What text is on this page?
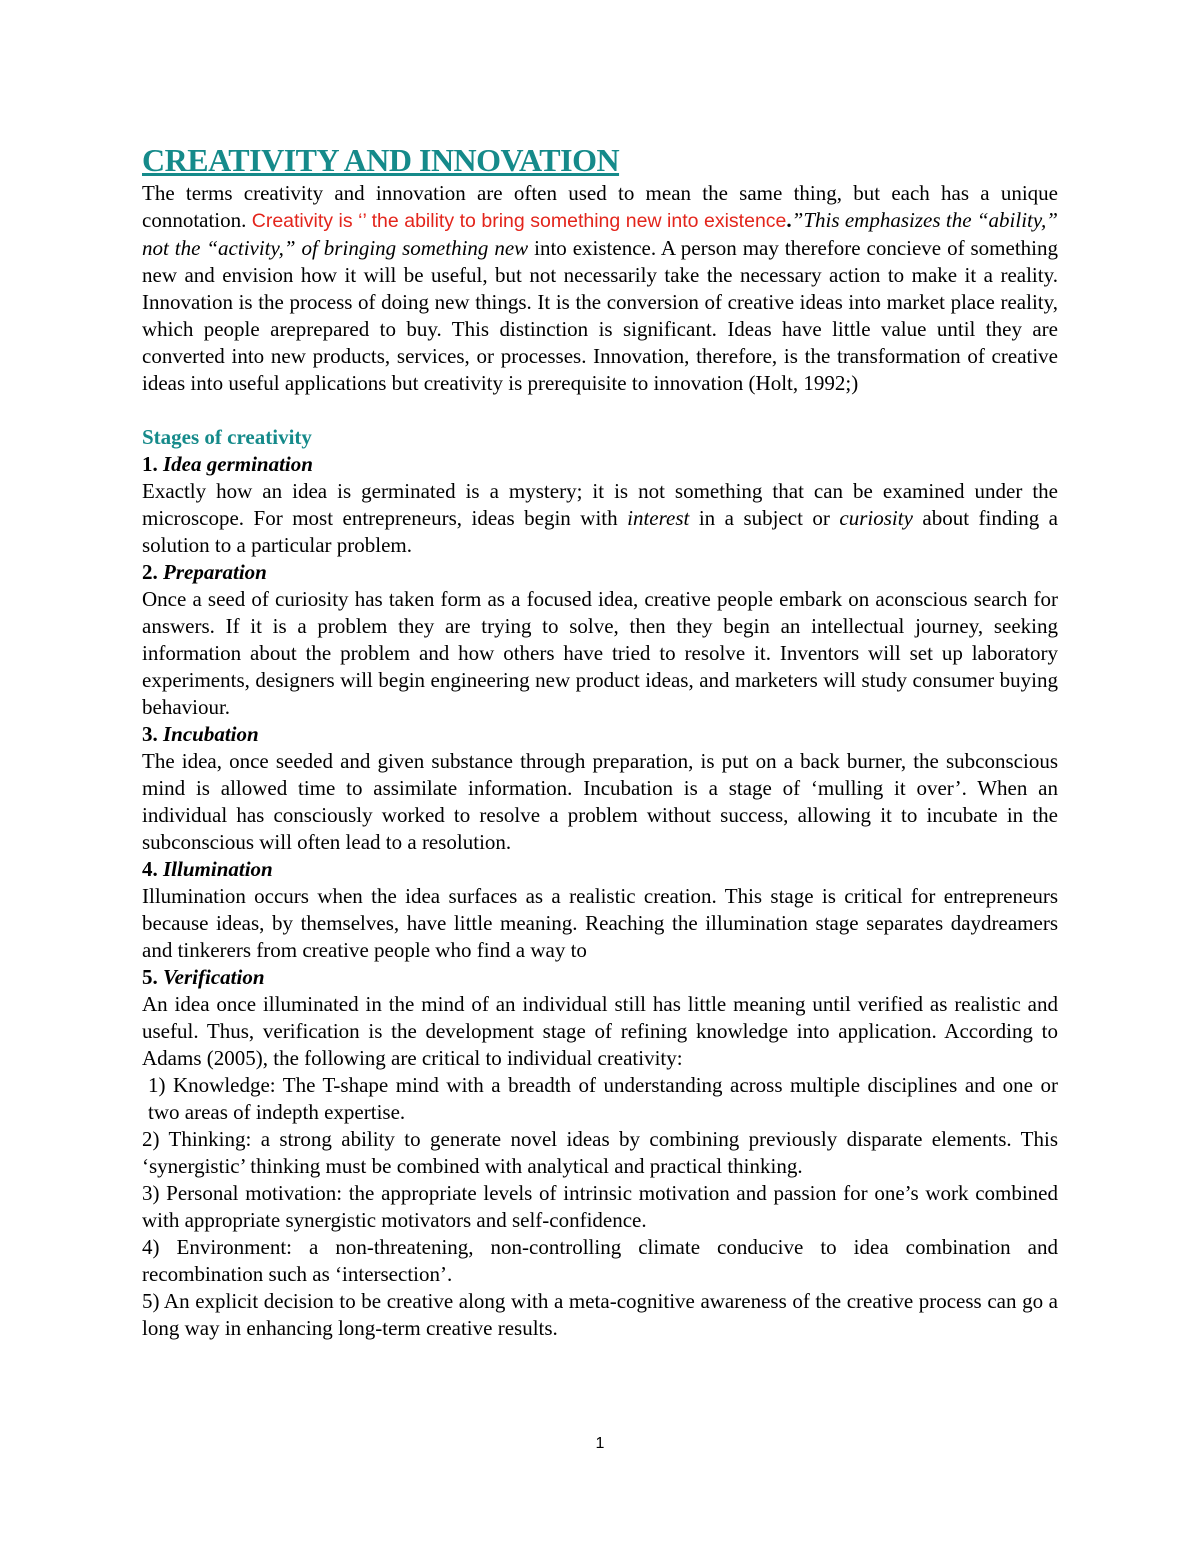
CREATIVITY AND INNOVATION

The terms creativity and innovation are often used to mean the same thing, but each has a unique connotation. Creativity is ‘’ the ability to bring something new into existence.”This emphasizes the “ability,” not the “activity,” of bringing something new into existence. A person may therefore concieve of something new and envision how it will be useful, but not necessarily take the necessary action to make it a reality. Innovation is the process of doing new things. It is the conversion of creative ideas into market place reality, which people areprepared to buy. This distinction is significant. Ideas have little value until they are converted into new products, services, or processes. Innovation, therefore, is the transformation of creative ideas into useful applications but creativity is prerequisite to innovation (Holt, 1992;)

Stages of creativity

1. Idea germination

Exactly how an idea is germinated is a mystery; it is not something that can be examined under the microscope. For most entrepreneurs, ideas begin with interest in a subject or curiosity about finding a solution to a particular problem.

2. Preparation

Once a seed of curiosity has taken form as a focused idea, creative people embark on aconscious search for answers. If it is a problem they are trying to solve, then they begin an intellectual journey, seeking information about the problem and how others have tried to resolve it. Inventors will set up laboratory experiments, designers will begin engineering new product ideas, and marketers will study consumer buying behaviour.

3. Incubation

The idea, once seeded and given substance through preparation, is put on a back burner, the subconscious mind is allowed time to assimilate information. Incubation is a stage of ‘mulling it over’. When an individual has consciously worked to resolve a problem without success, allowing it to incubate in the subconscious will often lead to a resolution.

4. Illumination

Illumination occurs when the idea surfaces as a realistic creation. This stage is critical for entrepreneurs because ideas, by themselves, have little meaning. Reaching the illumination stage separates daydreamers and tinkerers from creative people who find a way to

5. Verification

An idea once illuminated in the mind of an individual still has little meaning until verified as realistic and useful. Thus, verification is the development stage of refining knowledge into application. According to Adams (2005), the following are critical to individual creativity:

1) Knowledge: The T-shape mind with a breadth of understanding across multiple disciplines and one or two areas of indepth expertise.

2) Thinking: a strong ability to generate novel ideas by combining previously disparate elements. This ‘synergistic’ thinking must be combined with analytical and practical thinking.

3) Personal motivation: the appropriate levels of intrinsic motivation and passion for one’s work combined with appropriate synergistic motivators and self-confidence.

4) Environment: a non-threatening, non-controlling climate conducive to idea combination and recombination such as ‘intersection’.

5) An explicit decision to be creative along with a meta-cognitive awareness of the creative process can go a long way in enhancing long-term creative results.

1
